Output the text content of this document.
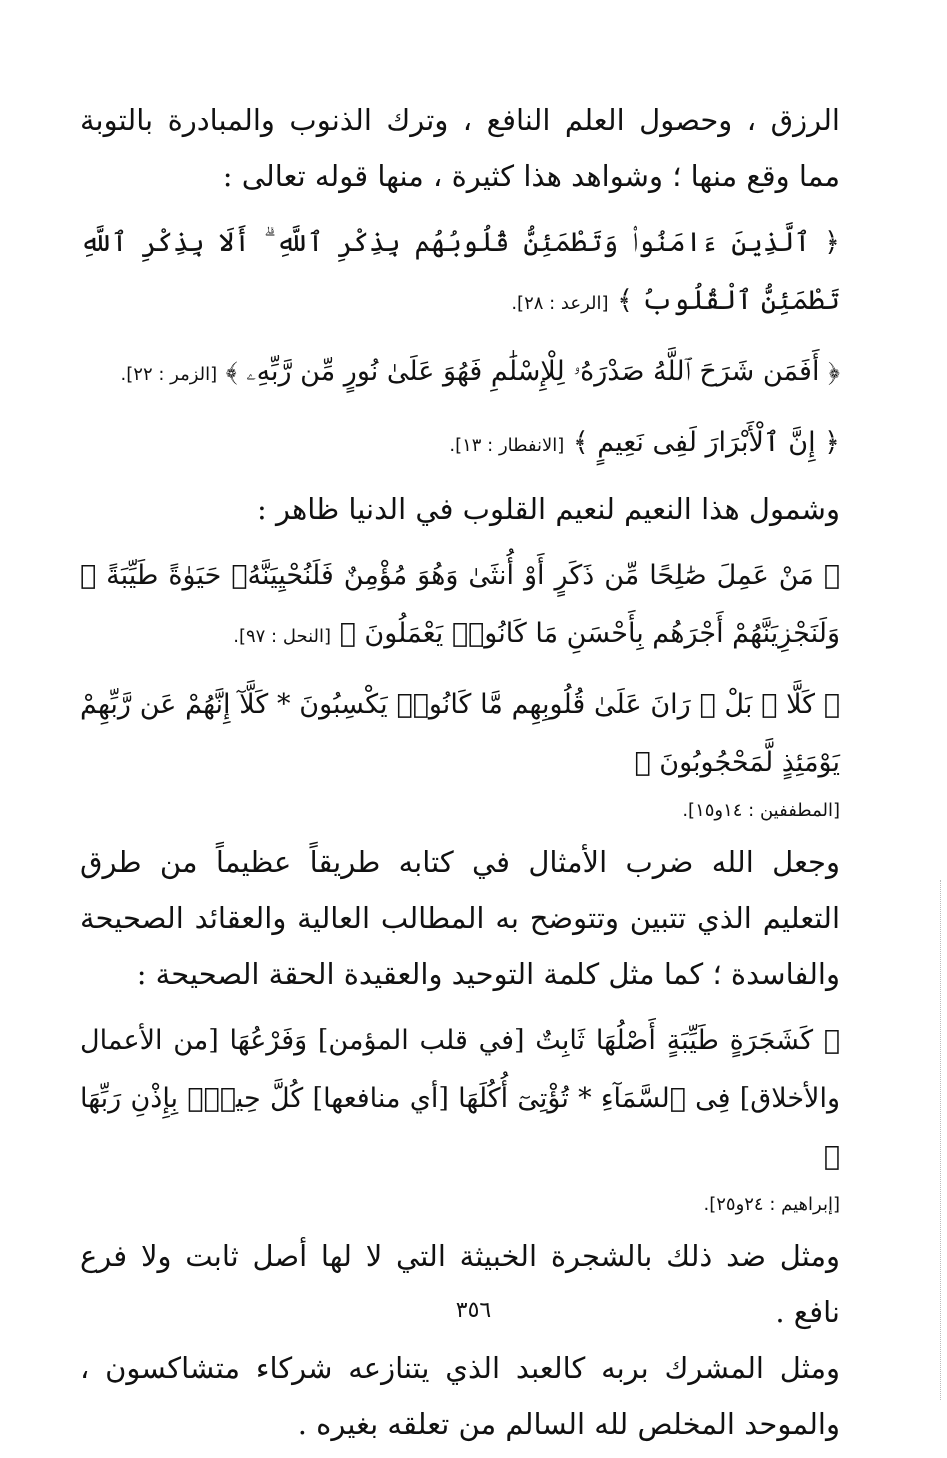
الرزق ، وحصول العلم النافع ، وترك الذنوب والمبادرة بالتوبة مما وقع منها ؛ وشواهد هذا كثيرة ، منها قوله تعالى :

﴿ ٱلَّذِينَ ءَامَنُوا۟ وَتَطْمَئِنُّ قُلُوبُهُم بِذِكْرِ ٱللَّهِ ۗ أَلَا بِذِكْرِ ٱللَّهِ تَطْمَئِنُّ ٱلْقُلُوبُ ﴾ [الرعد : ٢٨].

﴿ أَفَمَن شَرَحَ ٱللَّهُ صَدْرَهُۥ لِلْإِسْلَٰمِ فَهُوَ عَلَىٰ نُورٍ مِّن رَّبِّهِۦ ﴾ [الزمر : ٢٢].

﴿ إِنَّ ٱلْأَبْرَارَ لَفِى نَعِيمٍ ﴾ [الانفطار : ١٣].

وشمول هذا النعيم لنعيم القلوب في الدنيا ظاهر :

﴿ مَنْ عَمِلَ صَٰلِحًا مِّن ذَكَرٍ أَوْ أُنثَىٰ وَهُوَ مُؤْمِنٌ فَلَنُحْيِيَنَّهُۥ حَيَوٰةً طَيِّبَةً ۖ وَلَنَجْزِيَنَّهُمْ أَجْرَهُم بِأَحْسَنِ مَا كَانُوا۟ يَعْمَلُونَ ﴾ [النحل : ٩٧].

﴿ كَلَّا ۖ بَلْ ۜ رَانَ عَلَىٰ قُلُوبِهِم مَّا كَانُوا۟ يَكْسِبُونَ * كَلَّآ إِنَّهُمْ عَن رَّبِّهِمْ يَوْمَئِذٍ لَّمَحْجُوبُونَ ﴾

[المطففين : ١٤و١٥].

وجعل الله ضرب الأمثال في كتابه طريقاً عظيماً من طرق التعليم الذي تتبين وتتوضح به المطالب العالية والعقائد الصحيحة والفاسدة ؛ كما مثل كلمة التوحيد والعقيدة الحقة الصحيحة :

﴿ كَشَجَرَةٍ طَيِّبَةٍ أَصْلُهَا ثَابِتٌ [في قلب المؤمن] وَفَرْعُهَا [من الأعمال والأخلاق] فِى ٱلسَّمَآءِ * تُؤْتِىٓ أُكُلَهَا [أي منافعها] كُلَّ حِينٍۭ بِإِذْنِ رَبِّهَا ﴾

[إبراهيم : ٢٤و٢٥].

ومثل ضد ذلك بالشجرة الخبيثة التي لا لها أصل ثابت ولا فرع نافع .

ومثل المشرك بربه كالعبد الذي يتنازعه شركاء متشاكسون ، والموحد المخلص لله السالم من تعلقه بغيره .

٣٥٦
